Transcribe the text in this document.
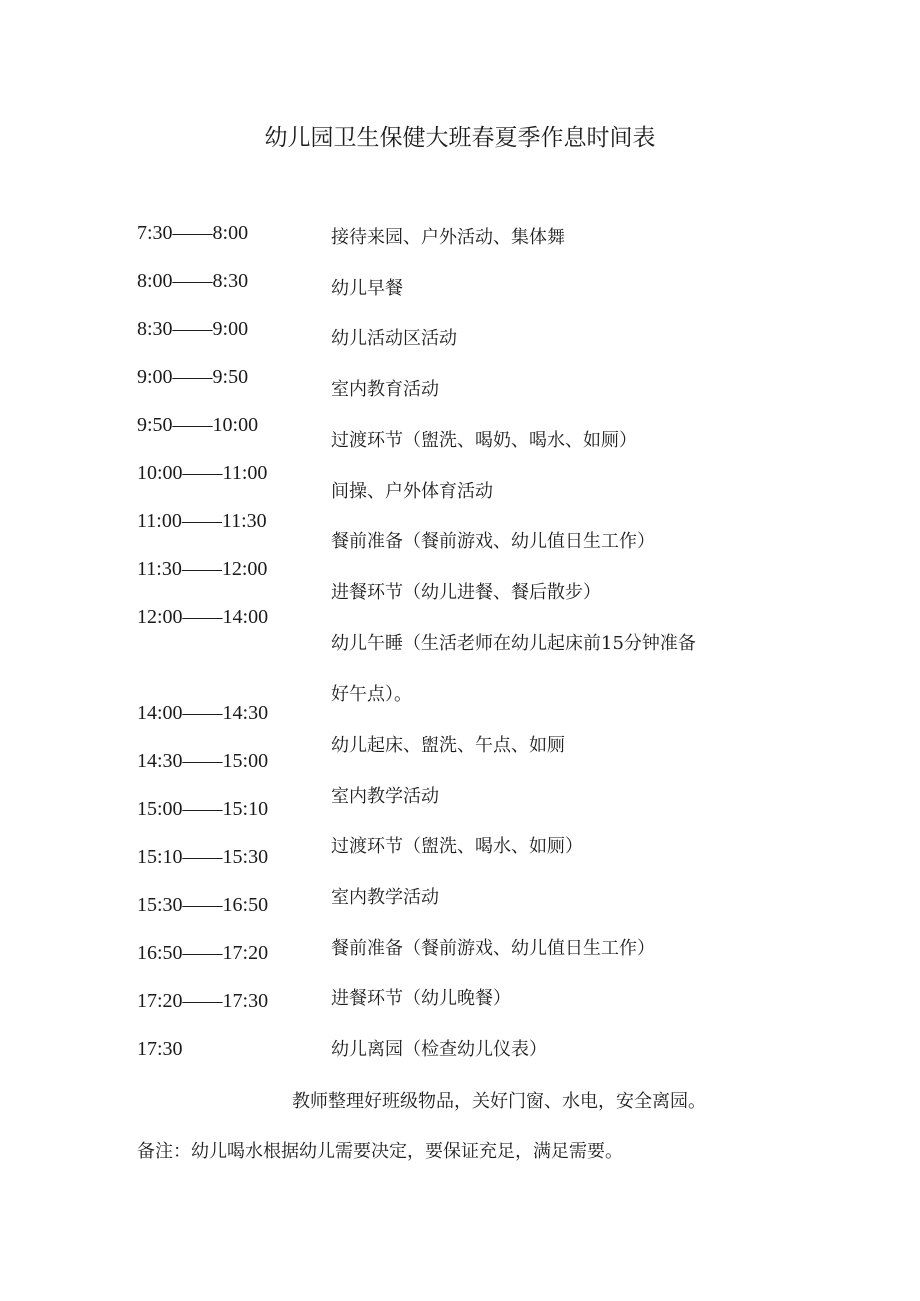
幼儿园卫生保健大班春夏季作息时间表
7:30——8:00
8:00——8:30
8:30——9:00
9:00——9:50
9:50——10:00
10:00——11:00
11:00——11:30
11:30——12:00
12:00——14:00
14:00——14:30
14:30——15:00
15:00——15:10
15:10——15:30
15:30——16:50
16:50——17:20
17:20——17:30
17:30
接待来园、户外活动、集体舞
幼儿早餐
幼儿活动区活动
室内教育活动
过渡环节（盥洗、喝奶、喝水、如厕）
间操、户外体育活动
餐前准备（餐前游戏、幼儿值日生工作）
进餐环节（幼儿进餐、餐后散步）
幼儿午睡（生活老师在幼儿起床前15分钟准备
好午点）。
幼儿起床、盥洗、午点、如厕
室内教学活动
过渡环节（盥洗、喝水、如厕）
室内教学活动
餐前准备（餐前游戏、幼儿值日生工作）
进餐环节（幼儿晚餐）
幼儿离园（检查幼儿仪表）
教师整理好班级物品，关好门窗、水电，安全离园。
备注：幼儿喝水根据幼儿需要决定，要保证充足，满足需要。
